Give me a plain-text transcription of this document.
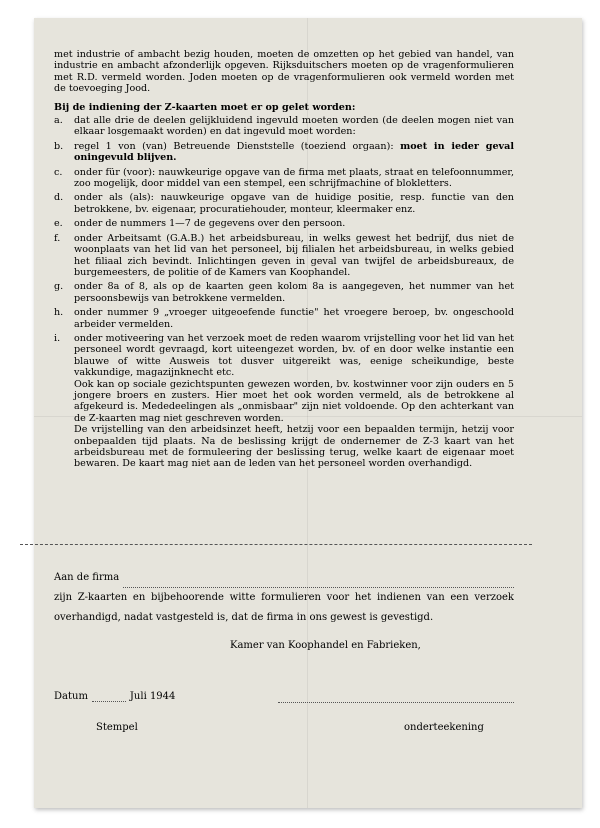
met industrie of ambacht bezig houden, moeten de omzetten op het gebied van handel, van industrie en ambacht afzonderlijk opgeven. Rijksduitschers moeten op de vragenformulieren met R.D. vermeld worden. Joden moeten op de vragenformulieren ook vermeld worden met de toevoeging Jood.

Bij de indiening der Z-kaarten moet er op gelet worden:

a.	dat alle drie de deelen gelijkluidend ingevuld moeten worden (de deelen mogen niet van elkaar losgemaakt worden) en dat ingevuld moet worden:
b.	regel 1 von (van) Betreuende Dienststelle (toeziend orgaan): moet in ieder geval oningevuld blijven.
c.	onder für (voor): nauwkeurige opgave van de firma met plaats, straat en telefoonnummer, zoo mogelijk, door middel van een stempel, een schrijfmachine of blokletters.
d.	onder als (als): nauwkeurige opgave van de huidige positie, resp. functie van den betrokkene, bv. eigenaar, procuratiehouder, monteur, kleermaker enz.
e.	onder de nummers 1—7 de gegevens over den persoon.
f.	onder Arbeitsamt (G.A.B.) het arbeidsbureau, in welks gewest het bedrijf, dus niet de woonplaats van het lid van het personeel, bij filialen het arbeidsbureau, in welks gebied het filiaal zich bevindt. Inlichtingen geven in geval van twijfel de arbeidsbureaux, de burgemeesters, de politie of de Kamers van Koophandel.
g.	onder 8a of 8, als op de kaarten geen kolom 8a is aangegeven, het nummer van het persoonsbewijs van betrokkene vermelden.
h.	onder nummer 9 „vroeger uitgeoefende functie" het vroegere beroep, bv. ongeschoold arbeider vermelden.
i.	onder motiveering van het verzoek moet de reden waarom vrijstelling voor het lid van het personeel wordt gevraagd, kort uiteengezet worden, bv. of en door welke instantie een blauwe of witte Ausweis tot dusver uitgereikt was, eenige scheikundige, beste vakkundige, magazijnknecht etc.

Ook kan op sociale gezichtspunten gewezen worden, bv. kostwinner voor zijn ouders en 5 jongere broers en zusters. Hier moet het ook worden vermeld, als de betrokkene al afgekeurd is. Mededeelingen als „onmisbaar" zijn niet voldoende. Op den achterkant van de Z-kaarten mag niet geschreven worden.

De vrijstelling van den arbeidsinzet heeft, hetzij voor een bepaalden termijn, hetzij voor onbepaalden tijd plaats. Na de beslissing krijgt de ondernemer de Z-3 kaart van het arbeidsbureau met de formuleering der beslissing terug, welke kaart de eigenaar moet bewaren. De kaart mag niet aan de leden van het personeel worden overhandigd.

Aan de firma

zijn Z-kaarten en bijbehoorende witte formulieren voor het indienen van een verzoek overhandigd, nadat vastgesteld is, dat de firma in ons gewest is gevestigd.

Kamer van Koophandel en Fabrieken,
Datum	Juli 1944
Stempel	onderteekening
